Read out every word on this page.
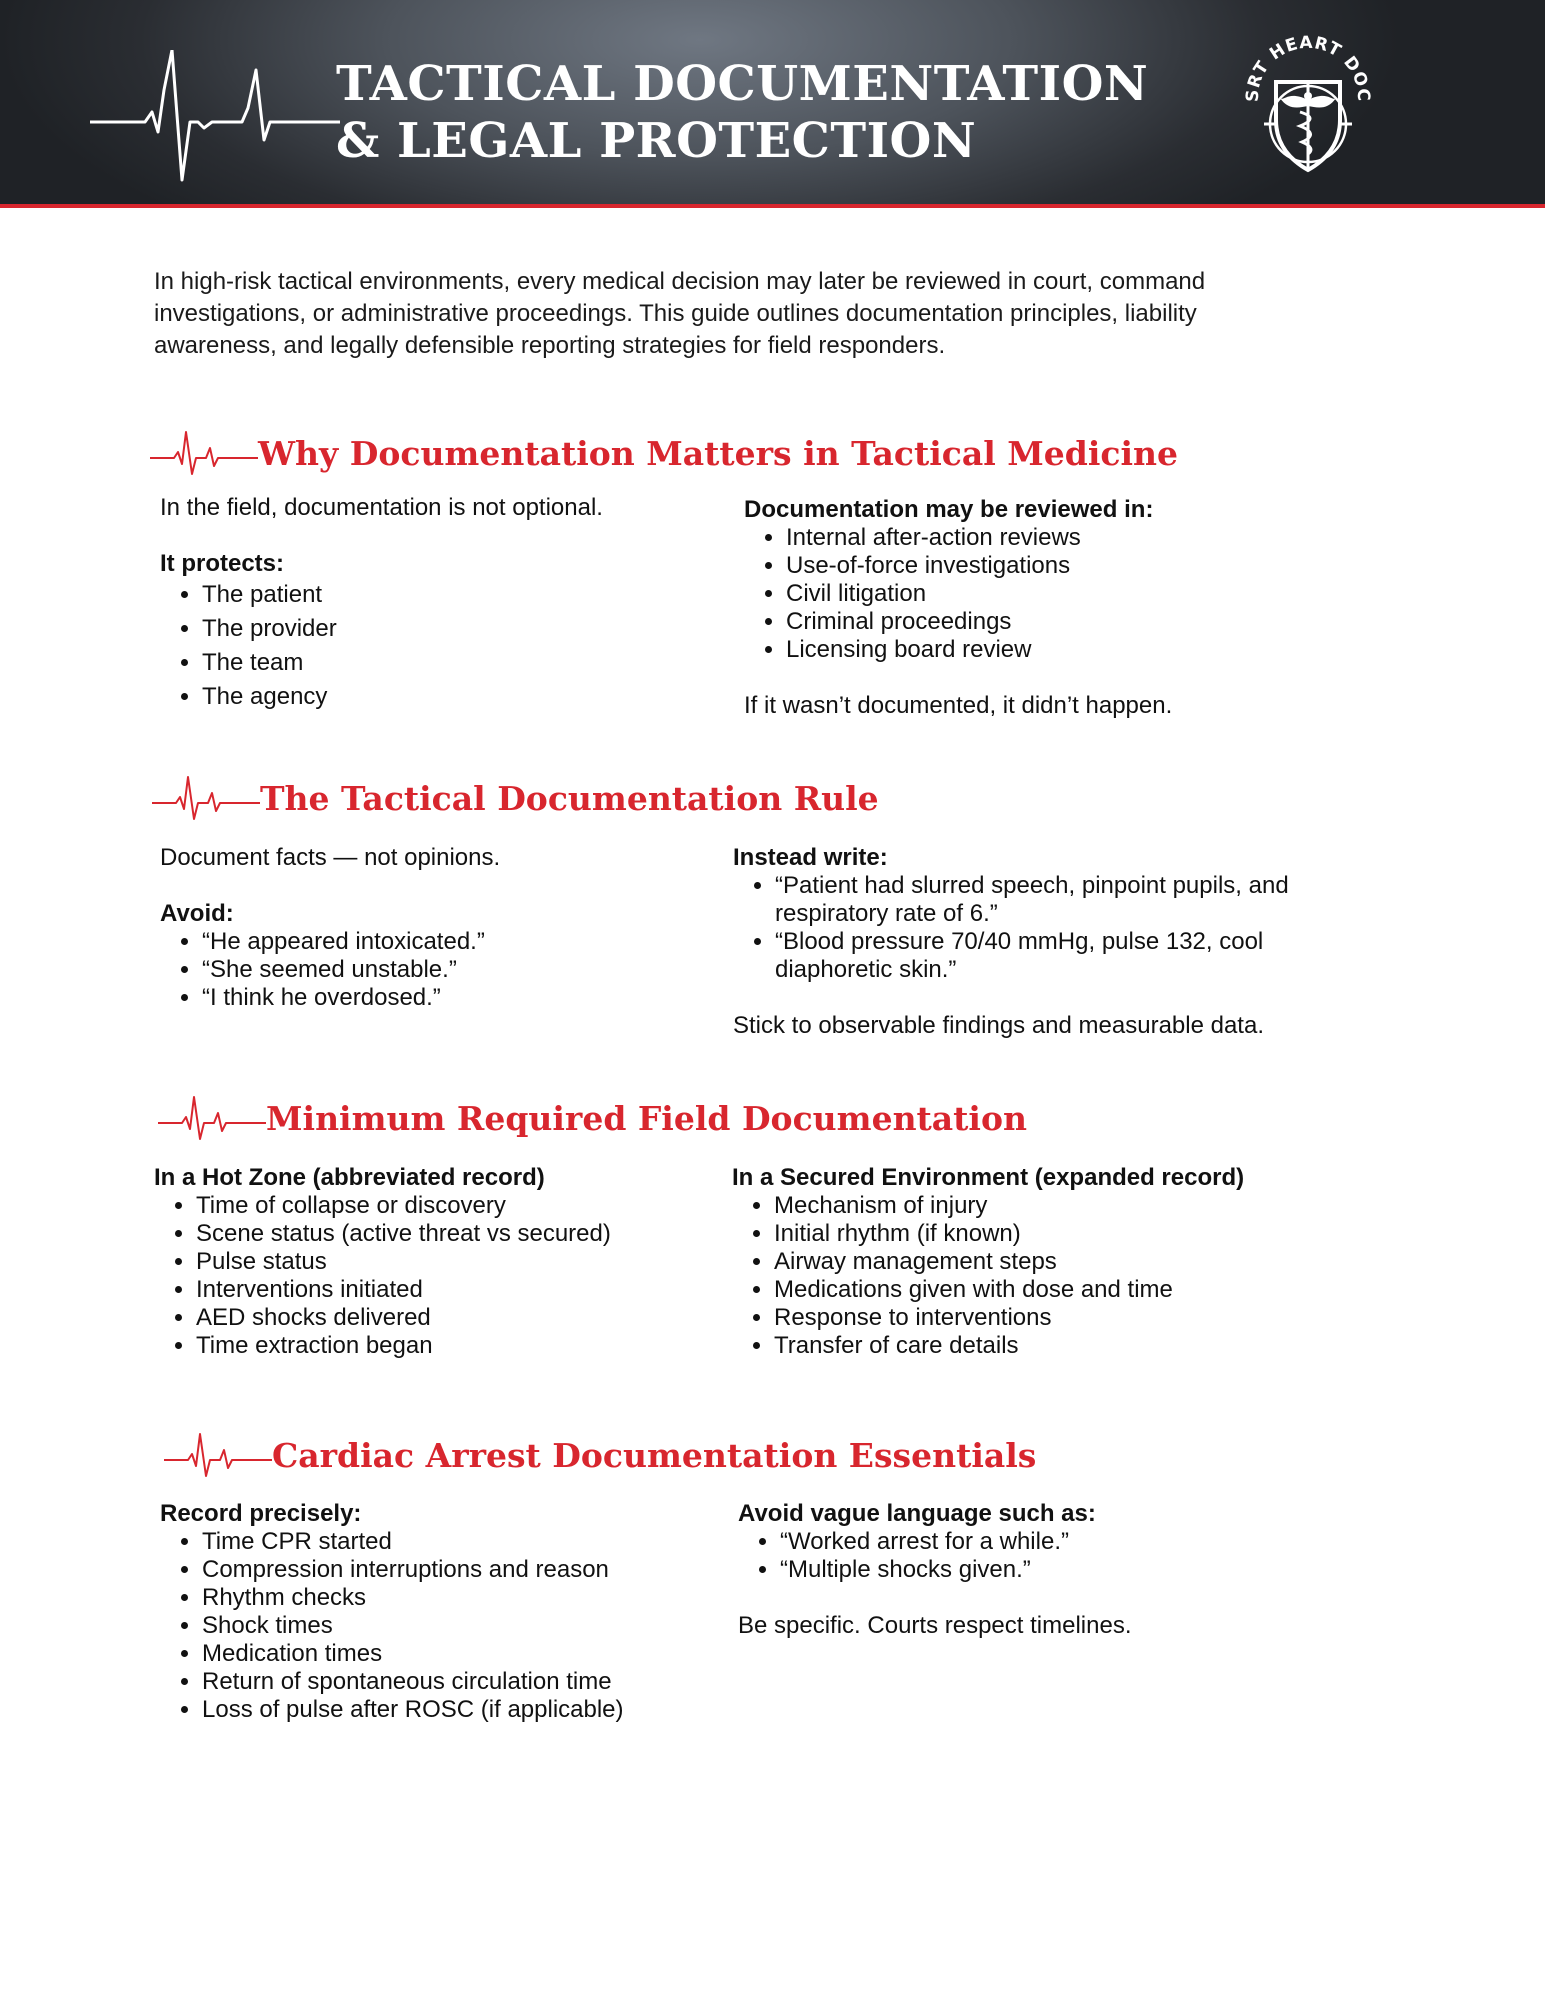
TACTICAL DOCUMENTATION
& LEGAL PROTECTION
SRT HEART DOC

In high-risk tactical environments, every medical decision may later be reviewed in court, command investigations, or administrative proceedings. This guide outlines documentation principles, liability awareness, and legally defensible reporting strategies for field responders.

Why Documentation Matters in Tactical Medicine

In the field, documentation is not optional.

It protects:

• The patient
• The provider
• The team
• The agency

Documentation may be reviewed in:

• Internal after-action reviews
• Use-of-force investigations
• Civil litigation
• Criminal proceedings
• Licensing board review

If it wasn’t documented, it didn’t happen.

The Tactical Documentation Rule

Document facts — not opinions.

Avoid:

• “He appeared intoxicated.”
• “She seemed unstable.”
• “I think he overdosed.”

Instead write:

• “Patient had slurred speech, pinpoint pupils, and respiratory rate of 6.”
• “Blood pressure 70/40 mmHg, pulse 132, cool diaphoretic skin.”

Stick to observable findings and measurable data.

Minimum Required Field Documentation

In a Hot Zone (abbreviated record)

• Time of collapse or discovery
• Scene status (active threat vs secured)
• Pulse status
• Interventions initiated
• AED shocks delivered
• Time extraction began

In a Secured Environment (expanded record)

• Mechanism of injury
• Initial rhythm (if known)
• Airway management steps
• Medications given with dose and time
• Response to interventions
• Transfer of care details
Cardiac Arrest Documentation Essentials

Record precisely:

• Time CPR started
• Compression interruptions and reason
• Rhythm checks
• Shock times
• Medication times
• Return of spontaneous circulation time
• Loss of pulse after ROSC (if applicable)

Avoid vague language such as:

• “Worked arrest for a while.”
• “Multiple shocks given.”

Be specific. Courts respect timelines.
